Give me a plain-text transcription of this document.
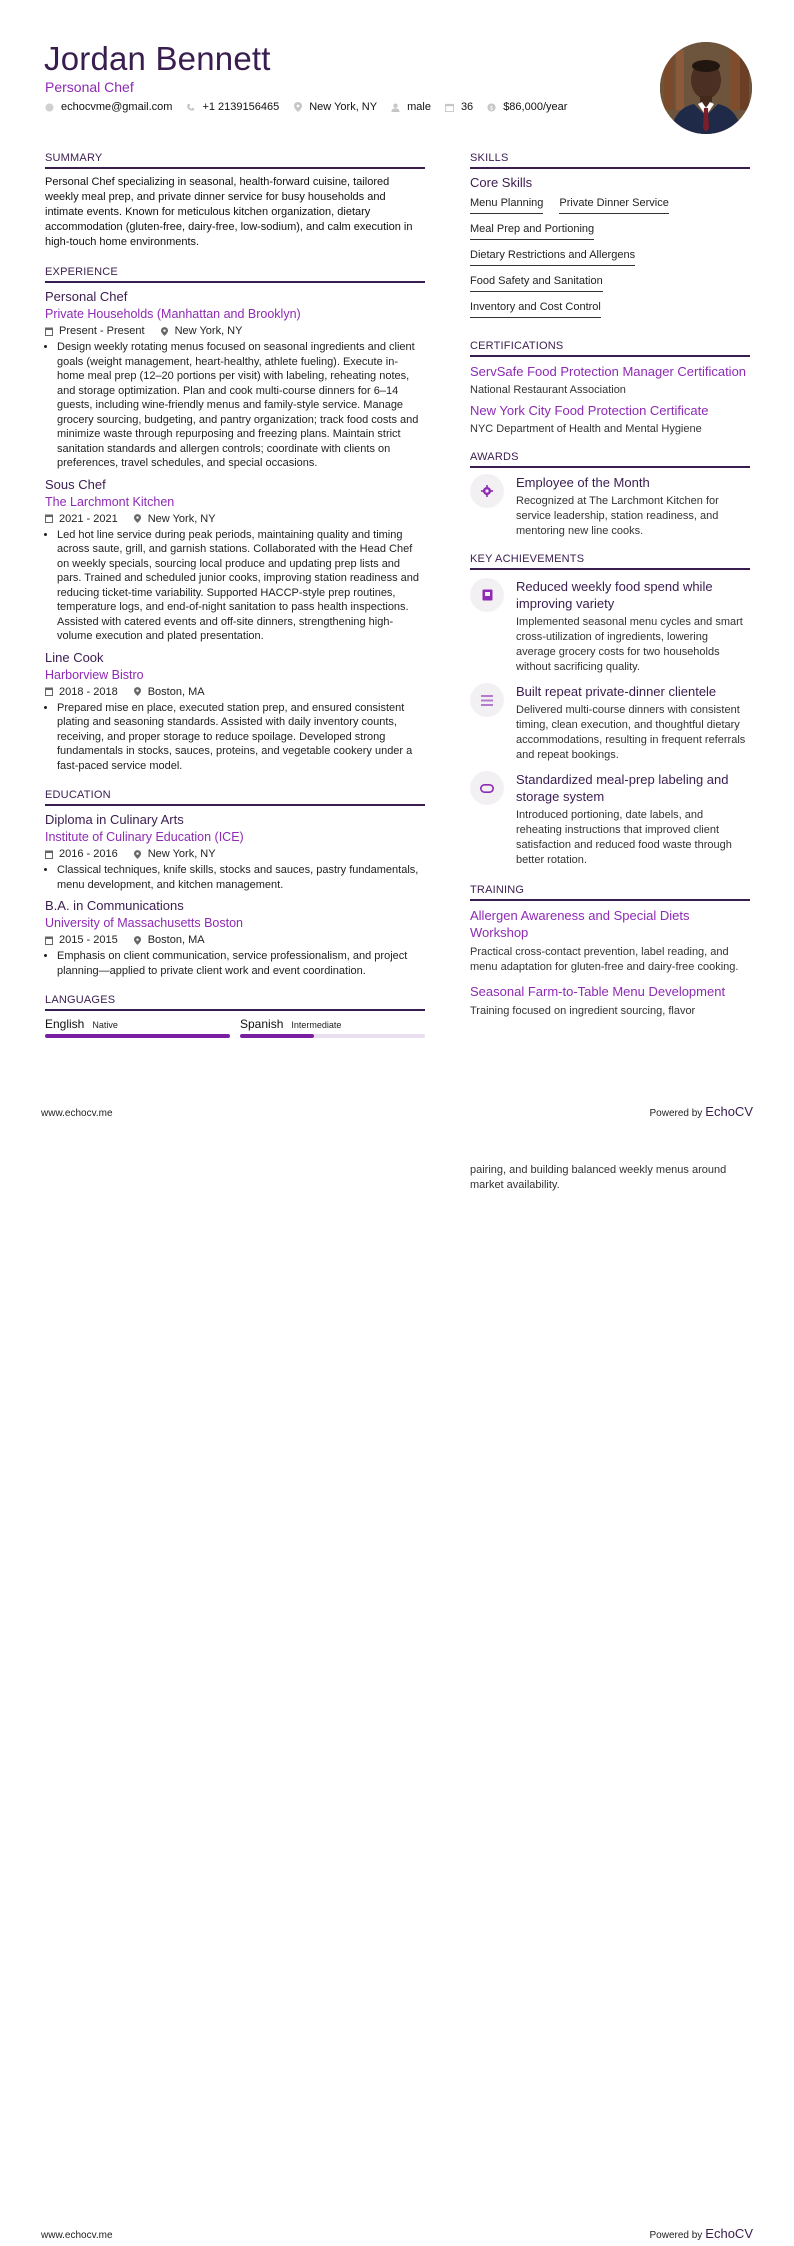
Jordan Bennett
Personal Chef
echocvme@gmail.com	+1 2139156465	New York, NY	male	36 $ $86,000/year
SUMMARY
Personal Chef specializing in seasonal, health-forward cuisine, tailored weekly meal prep, and private dinner service for busy households and intimate events. Known for meticulous kitchen organization, dietary accommodation (gluten-free, dairy-free, low-sodium), and calm execution in high-touch home environments.
EXPERIENCE
Personal Chef
Private Households (Manhattan and Brooklyn)
Present - Present	New York, NY
• Design weekly rotating menus focused on seasonal ingredients and client goals (weight management, heart-healthy, athlete fueling). Execute in-home meal prep (12–20 portions per visit) with labeling, reheating notes, and storage optimization. Plan and cook multi-course dinners for 6–14 guests, including wine-friendly menus and family-style service. Manage grocery sourcing, budgeting, and pantry organization; track food costs and minimize waste through repurposing and freezing plans. Maintain strict sanitation standards and allergen controls; coordinate with clients on preferences, travel schedules, and special occasions.
Sous Chef
The Larchmont Kitchen
2021 - 2021	New York, NY
• Led hot line service during peak periods, maintaining quality and timing across saute, grill, and garnish stations. Collaborated with the Head Chef on weekly specials, sourcing local produce and updating prep lists and pars. Trained and scheduled junior cooks, improving station readiness and reducing ticket-time variability. Supported HACCP-style prep routines, temperature logs, and end-of-night sanitation to pass health inspections. Assisted with catered events and off-site dinners, strengthening high-volume execution and plated presentation.
Line Cook
Harborview Bistro
2018 - 2018	Boston, MA
• Prepared mise en place, executed station prep, and ensured consistent plating and seasoning standards. Assisted with daily inventory counts, receiving, and proper storage to reduce spoilage. Developed strong fundamentals in stocks, sauces, proteins, and vegetable cookery under a fast-paced service model.
EDUCATION
Diploma in Culinary Arts
Institute of Culinary Education (ICE)
2016 - 2016	New York, NY
• Classical techniques, knife skills, stocks and sauces, pastry fundamentals, menu development, and kitchen management.
B.A. in Communications
University of Massachusetts Boston
2015 - 2015	Boston, MA
• Emphasis on client communication, service professionalism, and project planning—applied to private client work and event coordination.
LANGUAGES
English Native	Spanish Intermediate
SKILLS
Core Skills
Menu Planning Private Dinner Service
Meal Prep and Portioning
Dietary Restrictions and Allergens
Food Safety and Sanitation
Inventory and Cost Control
CERTIFICATIONS
ServSafe Food Protection Manager Certification
National Restaurant Association
New York City Food Protection Certificate
NYC Department of Health and Mental Hygiene
AWARDS
Employee of the Month
Recognized at The Larchmont Kitchen for service leadership, station readiness, and mentoring new line cooks.
KEY ACHIEVEMENTS
Reduced weekly food spend while improving variety
Implemented seasonal menu cycles and smart cross-utilization of ingredients, lowering average grocery costs for two households without sacrificing quality.
Built repeat private-dinner clientele
Delivered multi-course dinners with consistent timing, clean execution, and thoughtful dietary accommodations, resulting in frequent referrals and repeat bookings.
Standardized meal-prep labeling and storage system
Introduced portioning, date labels, and reheating instructions that improved client satisfaction and reduced food waste through better rotation.
TRAINING
Allergen Awareness and Special Diets Workshop
Practical cross-contact prevention, label reading, and menu adaptation for gluten-free and dairy-free cooking.
Seasonal Farm-to-Table Menu Development
Training focused on ingredient sourcing, flavor
www.echocv.me	Powered by EchoCV
pairing, and building balanced weekly menus around market availability.
www.echocv.me	Powered by EchoCV
